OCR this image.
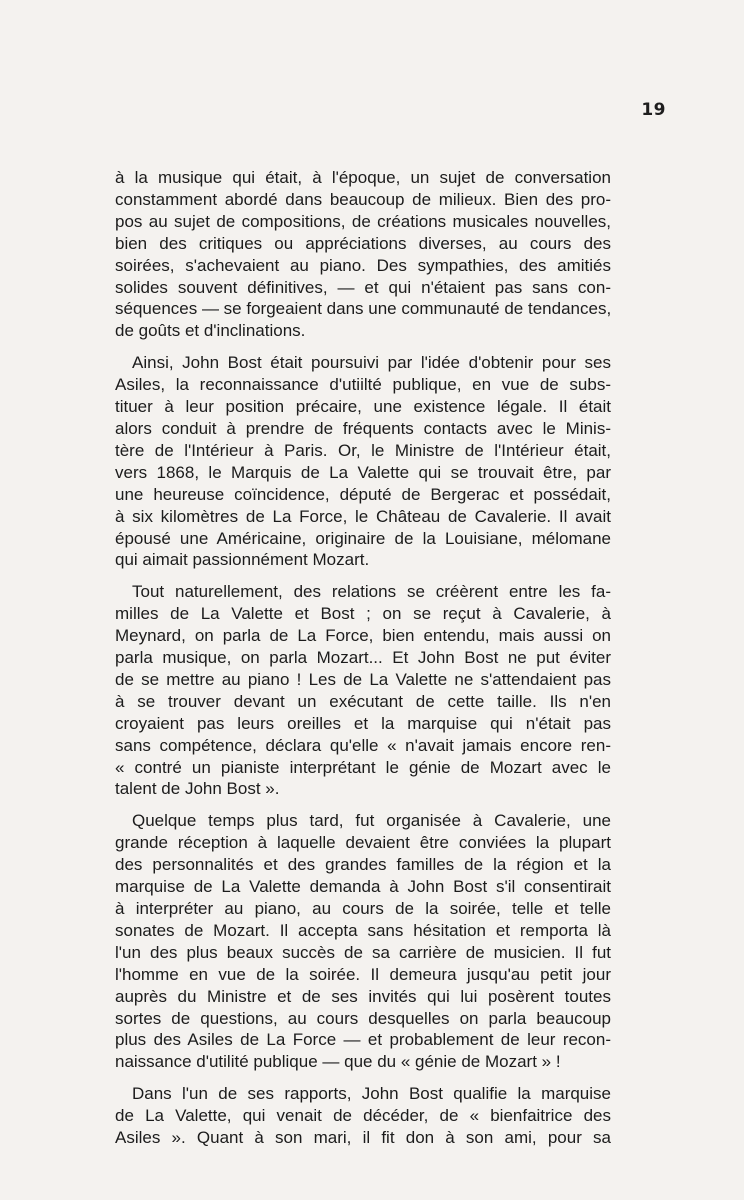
19
à la musique qui était, à l'époque, un sujet de conversation
constamment abordé dans beaucoup de milieux. Bien des pro-
pos au sujet de compositions, de créations musicales nouvelles,
bien des critiques ou appréciations diverses, au cours des
soirées, s'achevaient au piano. Des sympathies, des amitiés
solides souvent définitives, — et qui n'étaient pas sans con-
séquences — se forgeaient dans une communauté de tendances,
de goûts et d'inclinations.
Ainsi, John Bost était poursuivi par l'idée d'obtenir pour ses
Asiles, la reconnaissance d'utiilté publique, en vue de subs-
tituer à leur position précaire, une existence légale. Il était
alors conduit à prendre de fréquents contacts avec le Minis-
tère de l'Intérieur à Paris. Or, le Ministre de l'Intérieur était,
vers 1868, le Marquis de La Valette qui se trouvait être, par
une heureuse coïncidence, député de Bergerac et possédait,
à six kilomètres de La Force, le Château de Cavalerie. Il avait
épousé une Américaine, originaire de la Louisiane, mélomane
qui aimait passionnément Mozart.
Tout naturellement, des relations se créèrent entre les fa-
milles de La Valette et Bost ; on se reçut à Cavalerie, à
Meynard, on parla de La Force, bien entendu, mais aussi on
parla musique, on parla Mozart... Et John Bost ne put éviter
de se mettre au piano ! Les de La Valette ne s'attendaient pas
à se trouver devant un exécutant de cette taille. Ils n'en
croyaient pas leurs oreilles et la marquise qui n'était pas
sans compétence, déclara qu'elle « n'avait jamais encore ren-
« contré un pianiste interprétant le génie de Mozart avec le
talent de John Bost ».
Quelque temps plus tard, fut organisée à Cavalerie, une
grande réception à laquelle devaient être conviées la plupart
des personnalités et des grandes familles de la région et la
marquise de La Valette demanda à John Bost s'il consentirait
à interpréter au piano, au cours de la soirée, telle et telle
sonates de Mozart. Il accepta sans hésitation et remporta là
l'un des plus beaux succès de sa carrière de musicien. Il fut
l'homme en vue de la soirée. Il demeura jusqu'au petit jour
auprès du Ministre et de ses invités qui lui posèrent toutes
sortes de questions, au cours desquelles on parla beaucoup
plus des Asiles de La Force — et probablement de leur recon-
naissance d'utilité publique — que du « génie de Mozart » !
Dans l'un de ses rapports, John Bost qualifie la marquise
de La Valette, qui venait de décéder, de « bienfaitrice des
Asiles ». Quant à son mari, il fit don à son ami, pour sa
